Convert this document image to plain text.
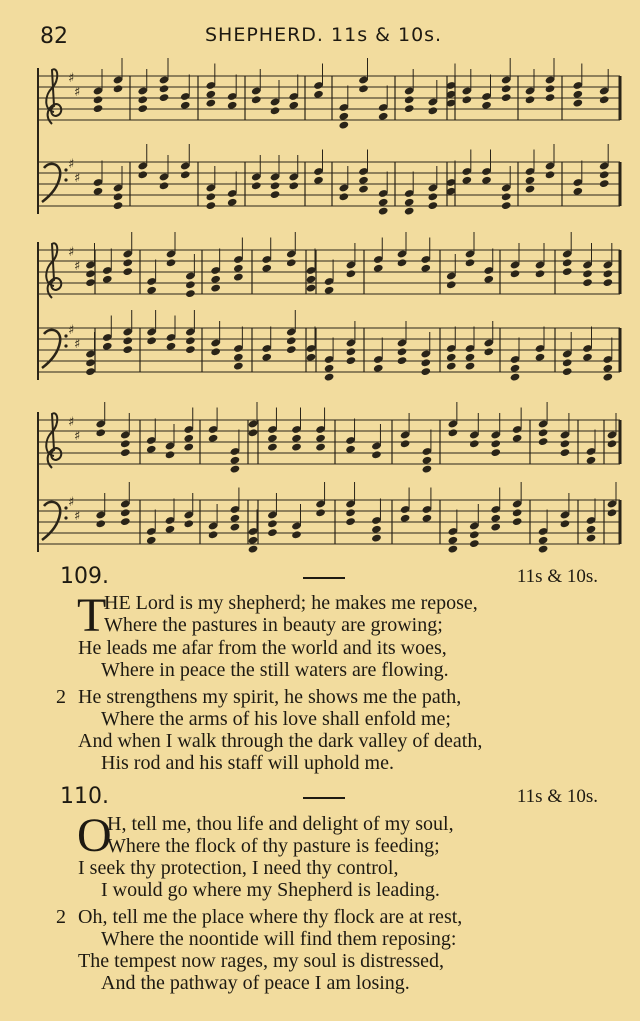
82	SHEPHERD. 11s & 10s.
♯
♯
♯
♯
♯
♯
♯
♯
♯
♯
♯
♯
109.	11s & 10s.
T
HE Lord is my shepherd; he makes me repose,
Where the pastures in beauty are growing;
He leads me afar from the world and its woes,
Where in peace the still waters are flowing.
2 He strengthens my spirit, he shows me the path,
Where the arms of his love shall enfold me;
And when I walk through the dark valley of death,
His rod and his staff will uphold me.
110.	11s & 10s.
O
H, tell me, thou life and delight of my soul,
Where the flock of thy pasture is feeding;
I seek thy protection, I need thy control,
I would go where my Shepherd is leading.
2 Oh, tell me the place where thy flock are at rest,
Where the noontide will find them reposing:
The tempest now rages, my soul is distressed,
And the pathway of peace I am losing.
